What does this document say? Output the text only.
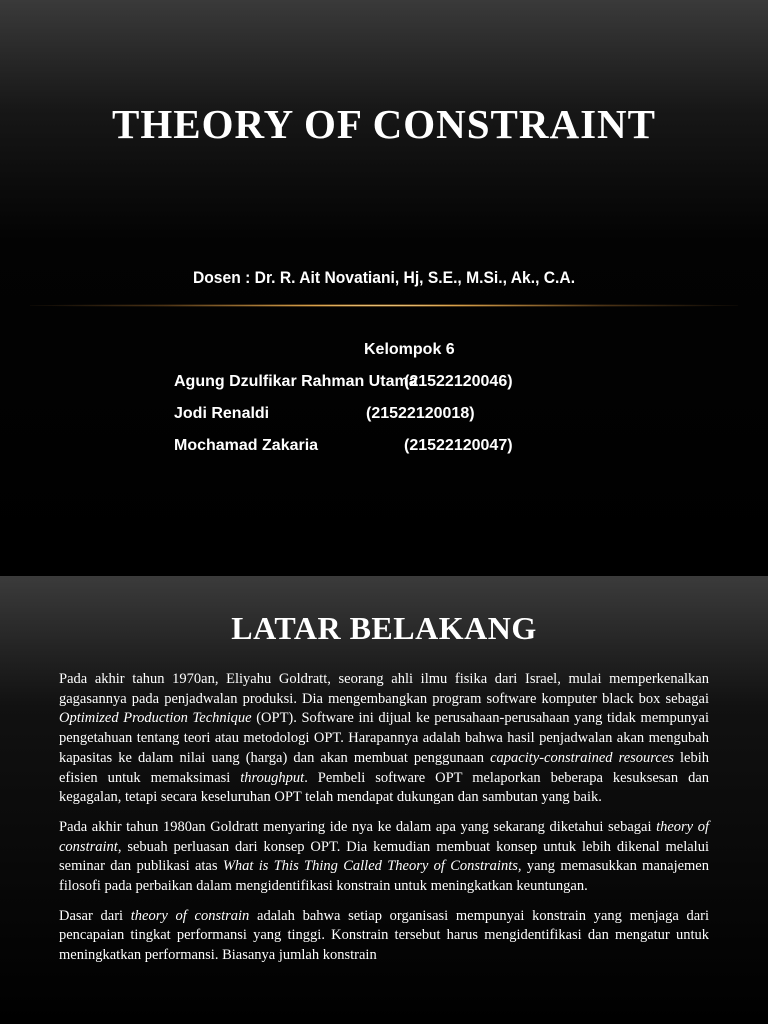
THEORY OF CONSTRAINT
Dosen : Dr. R. Ait Novatiani, Hj, S.E., M.Si., Ak., C.A.
Kelompok 6
Agung Dzulfikar Rahman Utama
(21522120046)
Jodi Renaldi	(21522120018)
Mochamad Zakaria	(21522120047)
LATAR BELAKANG

Pada akhir tahun 1970an, Eliyahu Goldratt, seorang ahli ilmu fisika dari Israel, mulai memperkenalkan gagasannya pada penjadwalan produksi. Dia mengembangkan program software komputer black box sebagai Optimized Production Technique (OPT). Software ini dijual ke perusahaan-perusahaan yang tidak mempunyai pengetahuan tentang teori atau metodologi OPT. Harapannya adalah bahwa hasil penjadwalan akan mengubah kapasitas ke dalam nilai uang (harga) dan akan membuat penggunaan capacity-constrained resources lebih efisien untuk memaksimasi throughput. Pembeli software OPT melaporkan beberapa kesuksesan dan kegagalan, tetapi secara keseluruhan OPT telah mendapat dukungan dan sambutan yang baik.

Pada akhir tahun 1980an Goldratt menyaring ide nya ke dalam apa yang sekarang diketahui sebagai theory of constraint, sebuah perluasan dari konsep OPT. Dia kemudian membuat konsep untuk lebih dikenal melalui seminar dan publikasi atas What is This Thing Called Theory of Constraints, yang memasukkan manajemen filosofi pada perbaikan dalam mengidentifikasi konstrain untuk meningkatkan keuntungan.

Dasar dari theory of constrain adalah bahwa setiap organisasi mempunyai konstrain yang menjaga dari pencapaian tingkat performansi yang tinggi. Konstrain tersebut harus mengidentifikasi dan mengatur untuk meningkatkan performansi. Biasanya jumlah konstrain
